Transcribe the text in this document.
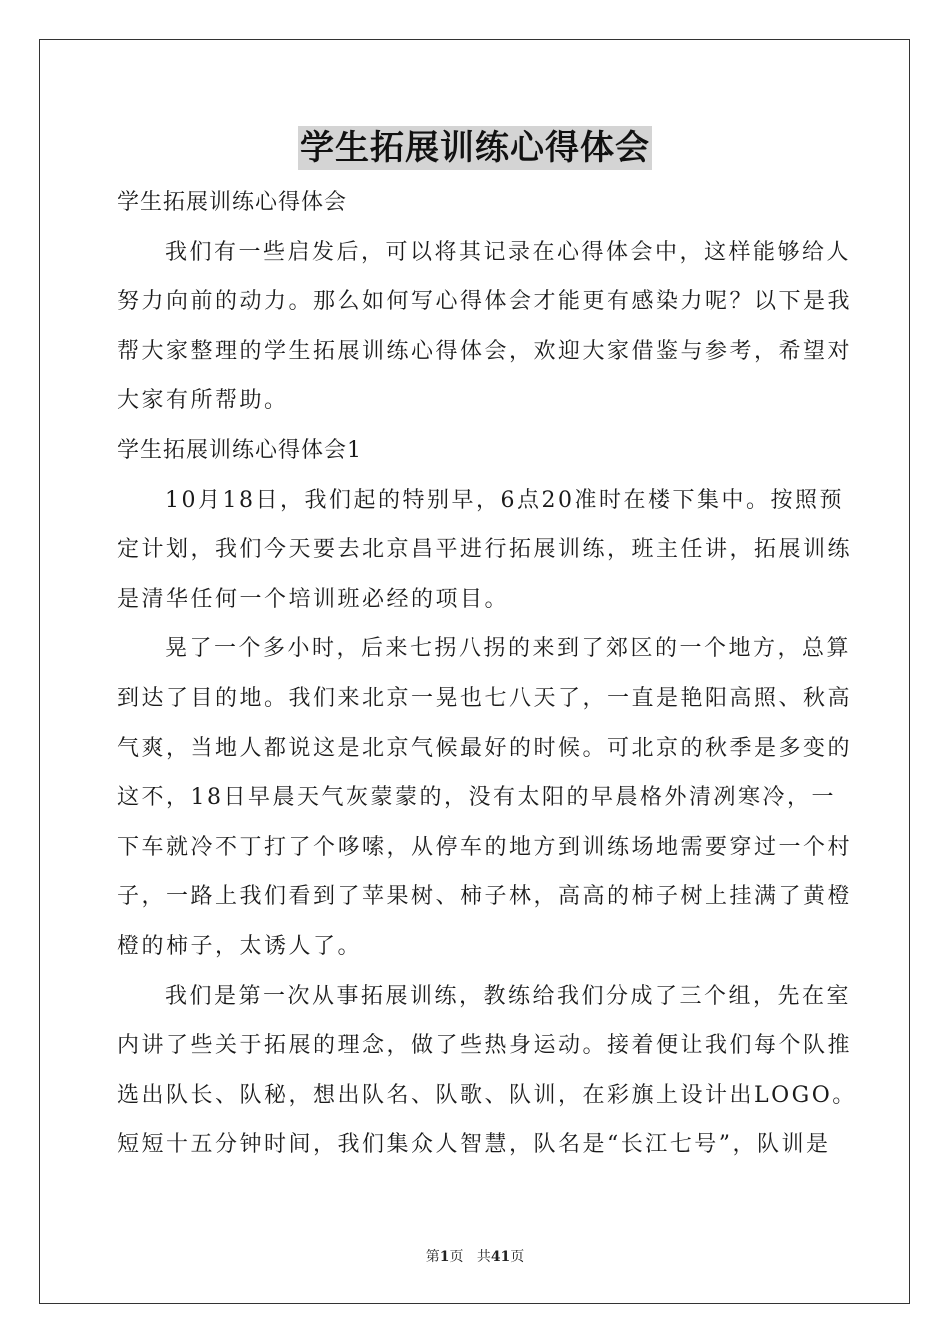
学生拓展训练心得体会
学生拓展训练心得体会
我们有一些启发后，可以将其记录在心得体会中，这样能够给人
努力向前的动力。那么如何写心得体会才能更有感染力呢？以下是我
帮大家整理的学生拓展训练心得体会，欢迎大家借鉴与参考，希望对
大家有所帮助。
学生拓展训练心得体会1
10月18日，我们起的特别早，6点20准时在楼下集中。按照预
定计划，我们今天要去北京昌平进行拓展训练，班主任讲，拓展训练
是清华任何一个培训班必经的项目。
晃了一个多小时，后来七拐八拐的来到了郊区的一个地方，总算
到达了目的地。我们来北京一晃也七八天了，一直是艳阳高照、秋高
气爽，当地人都说这是北京气候最好的时候。可北京的秋季是多变的
这不，18日早晨天气灰蒙蒙的，没有太阳的早晨格外清冽寒冷，一
下车就冷不丁打了个哆嗦，从停车的地方到训练场地需要穿过一个村
子，一路上我们看到了苹果树、柿子林，高高的柿子树上挂满了黄橙
橙的柿子，太诱人了。
我们是第一次从事拓展训练，教练给我们分成了三个组，先在室
内讲了些关于拓展的理念，做了些热身运动。接着便让我们每个队推
选出队长、队秘，想出队名、队歌、队训，在彩旗上设计出LOGO。
短短十五分钟时间，我们集众人智慧，队名是“长江七号”，队训是
第1页 共41页
